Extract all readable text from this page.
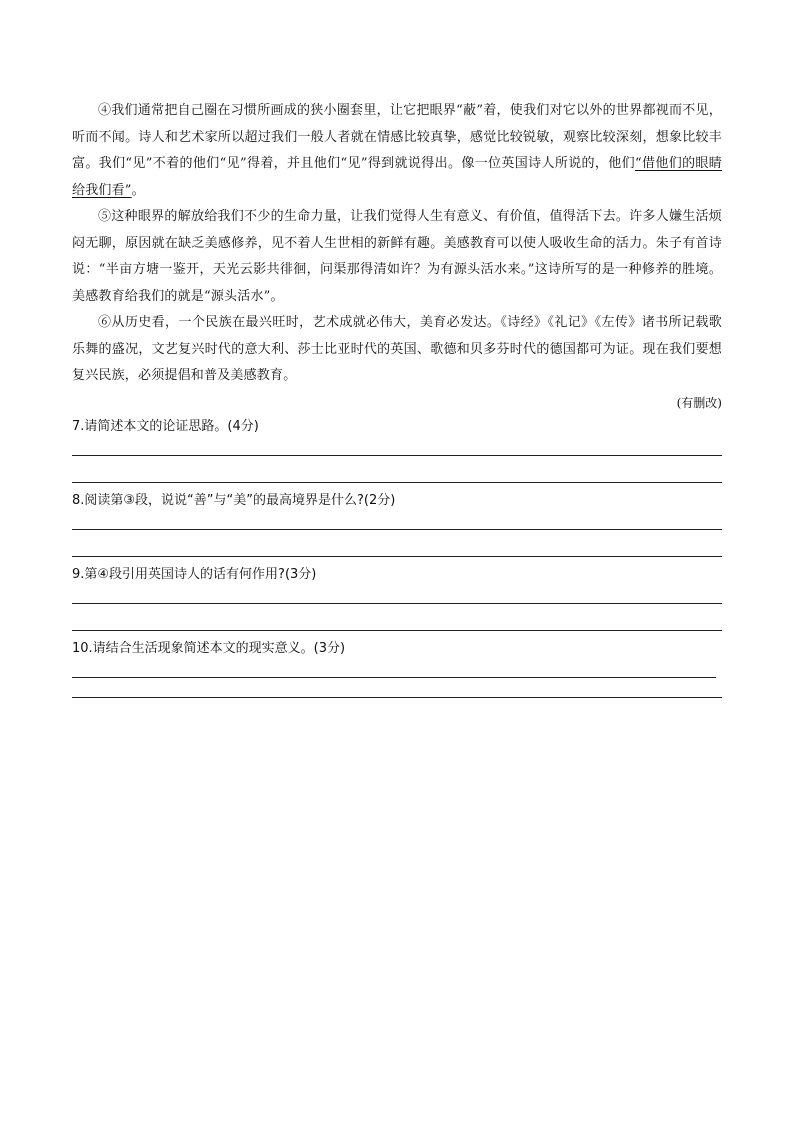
④我们通常把自己圈在习惯所画成的狭小圈套里，让它把眼界“蔽”着，使我们对它以外的世界都视而不见，听而不闻。诗人和艺术家所以超过我们一般人者就在情感比较真挚，感觉比较锐敏，观察比较深刻，想象比较丰富。我们“见”不着的他们“见”得着，并且他们“见”得到就说得出。像一位英国诗人所说的，他们“借他们的眼睛给我们看”。

⑤这种眼界的解放给我们不少的生命力量，让我们觉得人生有意义、有价值，值得活下去。许多人嫌生活烦闷无聊，原因就在缺乏美感修养，见不着人生世相的新鲜有趣。美感教育可以使人吸收生命的活力。朱子有首诗说：“半亩方塘一鉴开，天光云影共徘徊，问渠那得清如许？为有源头活水来。”这诗所写的是一种修养的胜境。美感教育给我们的就是“源头活水”。

⑥从历史看，一个民族在最兴旺时，艺术成就必伟大，美育必发达。《诗经》《礼记》《左传》诸书所记载歌乐舞的盛况，文艺复兴时代的意大利、莎士比亚时代的英国、歌德和贝多芬时代的德国都可为证。现在我们要想复兴民族，必须提倡和普及美感教育。

(有删改)

7.请简述本文的论证思路。(4分)

8.阅读第③段，说说“善”与“美”的最高境界是什么?(2分)

9.第④段引用英国诗人的话有何作用?(3分)

10.请结合生活现象简述本文的现实意义。(3分)
